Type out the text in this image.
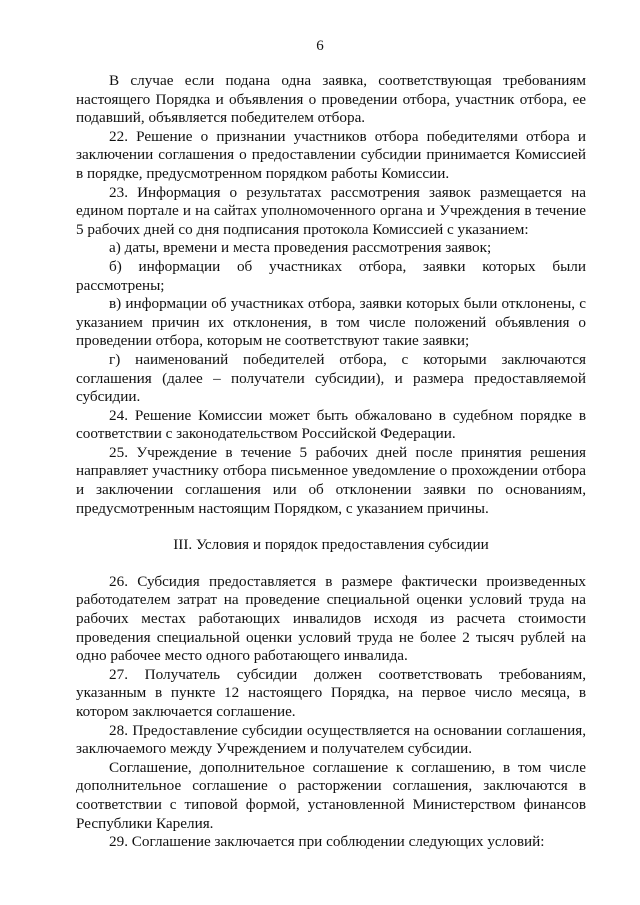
6

В случае если подана одна заявка, соответствующая требованиям настоящего Порядка и объявления о проведении отбора, участник отбора, ее подавший, объявляется победителем отбора.

22. Решение о признании участников отбора победителями отбора и заключении соглашения о предоставлении субсидии принимается Комиссией в порядке, предусмотренном порядком работы Комиссии.

23. Информация о результатах рассмотрения заявок размещается на едином портале и на сайтах уполномоченного органа и Учреждения в течение 5 рабочих дней со дня подписания протокола Комиссией с указанием:

а) даты, времени и места проведения рассмотрения заявок;

б) информации об участниках отбора, заявки которых были рассмотрены;

в) информации об участниках отбора, заявки которых были отклонены, с указанием причин их отклонения, в том числе положений объявления о проведении отбора, которым не соответствуют такие заявки;

г) наименований победителей отбора, с которыми заключаются соглашения (далее – получатели субсидии), и размера предоставляемой субсидии.

24. Решение Комиссии может быть обжаловано в судебном порядке в соответствии с законодательством Российской Федерации.

25. Учреждение в течение 5 рабочих дней после принятия решения направляет участнику отбора письменное уведомление о прохождении отбора и заключении соглашения или об отклонении заявки по основаниям, предусмотренным настоящим Порядком, с указанием причины.

III. Условия и порядок предоставления субсидии

26. Субсидия предоставляется в размере фактически произведенных работодателем затрат на проведение специальной оценки условий труда на рабочих местах работающих инвалидов исходя из расчета стоимости проведения специальной оценки условий труда не более 2 тысяч рублей на одно рабочее место одного работающего инвалида.

27. Получатель субсидии должен соответствовать требованиям, указанным в пункте 12 настоящего Порядка, на первое число месяца, в котором заключается соглашение.

28. Предоставление субсидии осуществляется на основании соглашения, заключаемого между Учреждением и получателем субсидии.

Соглашение, дополнительное соглашение к соглашению, в том числе дополнительное соглашение о расторжении соглашения, заключаются в соответствии с типовой формой, установленной Министерством финансов Республики Карелия.

29. Соглашение заключается при соблюдении следующих условий:
